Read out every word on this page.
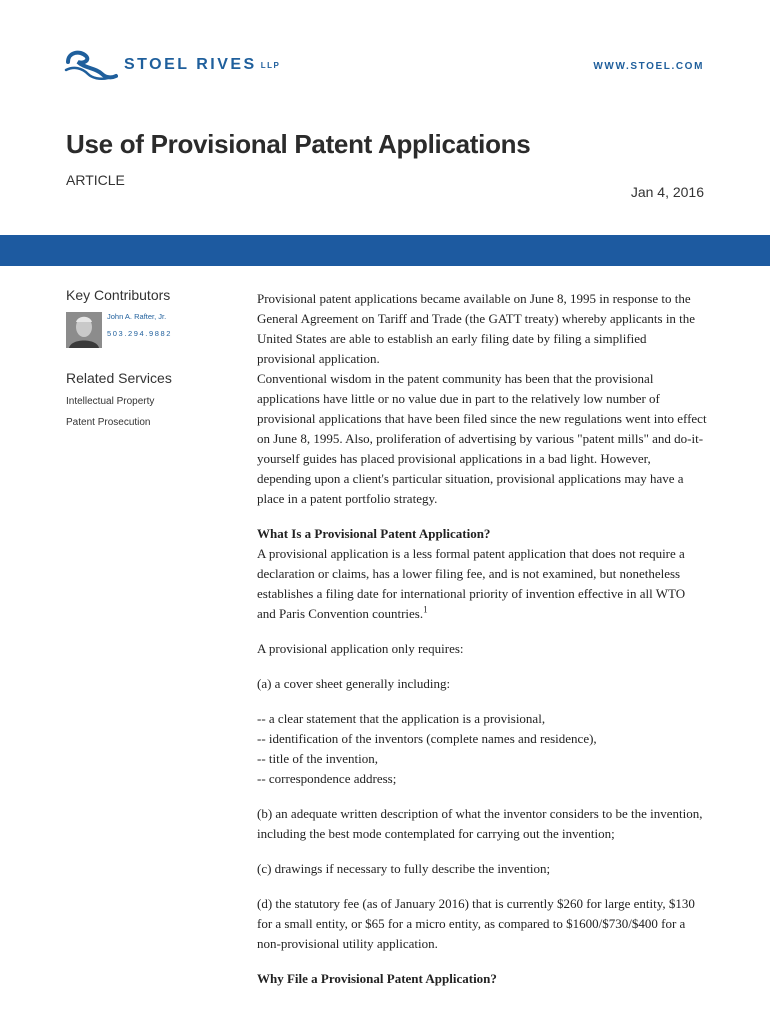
STOEL RIVES LLP	WWW.STOEL.COM
Use of Provisional Patent Applications
ARTICLE
Jan 4, 2016

Key Contributors

John A. Rafter, Jr.
503.294.9882

Related Services

Intellectual Property
Patent Prosecution

Provisional patent applications became available on June 8, 1995 in response to the General Agreement on Tariff and Trade (the GATT treaty) whereby applicants in the United States are able to establish an early filing date by filing a simplified provisional application.

Conventional wisdom in the patent community has been that the provisional applications have little or no value due in part to the relatively low number of provisional applications that have been filed since the new regulations went into effect on June 8, 1995. Also, proliferation of advertising by various "patent mills" and do-it-yourself guides has placed provisional applications in a bad light. However, depending upon a client's particular situation, provisional applications may have a place in a patent portfolio strategy.

What Is a Provisional Patent Application?

A provisional application is a less formal patent application that does not require a declaration or claims, has a lower filing fee, and is not examined, but nonetheless establishes a filing date for international priority of invention effective in all WTO and Paris Convention countries.$^1$

A provisional application only requires:

(a) a cover sheet generally including:

-- a clear statement that the application is a provisional,

-- identification of the inventors (complete names and residence),

-- title of the invention,

-- correspondence address;

(b) an adequate written description of what the inventor considers to be the invention, including the best mode contemplated for carrying out the invention;

(c) drawings if necessary to fully describe the invention;

(d) the statutory fee (as of January 2016) that is currently $260 for large entity, $130 for a small entity, or $65 for a micro entity, as compared to $1600/$730/$400 for a non-provisional utility application.

Why File a Provisional Patent Application?
